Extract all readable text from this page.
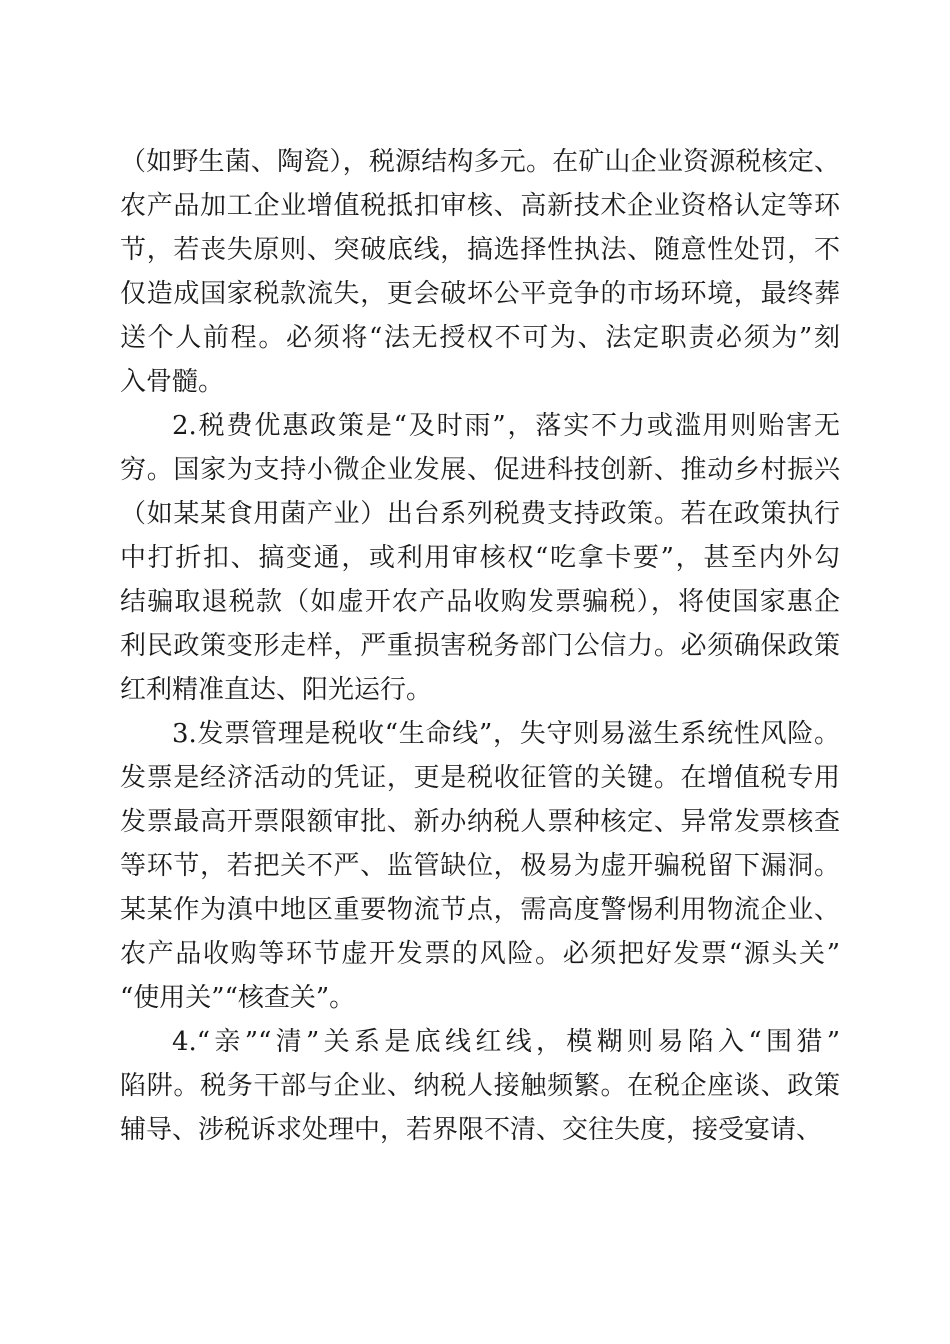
（如野生菌、陶瓷），税源结构多元。在矿山企业资源税核定、
农产品加工企业增值税抵扣审核、高新技术企业资格认定等环
节，若丧失原则、突破底线，搞选择性执法、随意性处罚，不
仅造成国家税款流失，更会破坏公平竞争的市场环境，最终葬
送个人前程。必须将“法无授权不可为、法定职责必须为”刻
入骨髓。
2.税费优惠政策是“及时雨”，落实不力或滥用则贻害无
穷。国家为支持小微企业发展、促进科技创新、推动乡村振兴
（如某某食用菌产业）出台系列税费支持政策。若在政策执行
中打折扣、搞变通，或利用审核权“吃拿卡要”，甚至内外勾
结骗取退税款（如虚开农产品收购发票骗税），将使国家惠企
利民政策变形走样，严重损害税务部门公信力。必须确保政策
红利精准直达、阳光运行。
3.发票管理是税收“生命线”，失守则易滋生系统性风险。
发票是经济活动的凭证，更是税收征管的关键。在增值税专用
发票最高开票限额审批、新办纳税人票种核定、异常发票核查
等环节，若把关不严、监管缺位，极易为虚开骗税留下漏洞。
某某作为滇中地区重要物流节点，需高度警惕利用物流企业、
农产品收购等环节虚开发票的风险。必须把好发票“源头关”
“使用关”“核查关”。
4.“亲”“清”关系是底线红线，模糊则易陷入“围猎”
陷阱。税务干部与企业、纳税人接触频繁。在税企座谈、政策
辅导、涉税诉求处理中，若界限不清、交往失度，接受宴请、
